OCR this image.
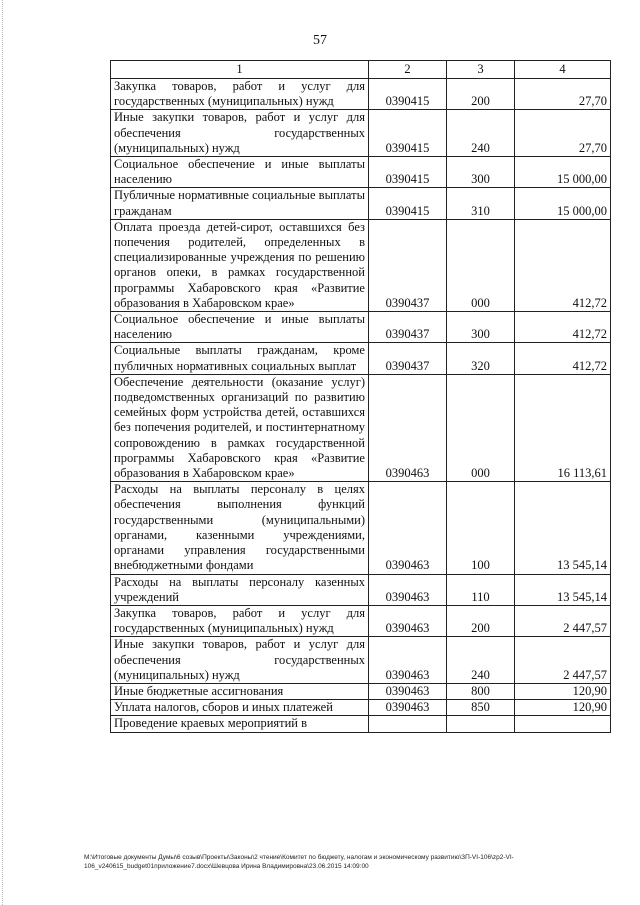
57
1	2	3	4
Закупка товаров, работ и услуг для государственных (муниципальных) нужд	0390415	200	27,70
Иные закупки товаров, работ и услуг для обеспечения государственных (муниципальных) нужд	0390415	240	27,70
Социальное обеспечение и иные выплаты населению	0390415	300	15 000,00
Публичные нормативные социальные выплаты гражданам	0390415	310	15 000,00
Оплата проезда детей-сирот, оставшихся без попечения родителей, определенных в специализированные учреждения по решению органов опеки, в рамках государственной программы Хабаровского края «Развитие образования в Хабаровском крае»	0390437	000	412,72
Социальное обеспечение и иные выплаты населению	0390437	300	412,72
Социальные выплаты гражданам, кроме публичных нормативных социальных выплат	0390437	320	412,72
Обеспечение деятельности (оказание услуг) подведомственных организаций по развитию семейных форм устройства детей, оставшихся без попечения родителей, и постинтернатному сопровождению в рамках государственной программы Хабаровского края «Развитие образования в Хабаровском крае»	0390463	000	16 113,61
Расходы на выплаты персоналу в целях обеспечения выполнения функций государственными (муниципальными) органами, казенными учреждениями, органами управления государственными внебюджетными фондами	0390463	100	13 545,14
Расходы на выплаты персоналу казенных учреждений	0390463	110	13 545,14
Закупка товаров, работ и услуг для государственных (муниципальных) нужд	0390463	200	2 447,57
Иные закупки товаров, работ и услуг для обеспечения государственных (муниципальных) нужд	0390463	240	2 447,57
Иные бюджетные ассигнования	0390463	800	120,90
Уплата налогов, сборов и иных платежей	0390463	850	120,90
Проведение краевых мероприятий в			
M:\Итоговые документы Думы\6 созыв\Проекты\Законы\2 чтение\Комитет по бюджету, налогам и экономическому развитию\ЗП-VI-106\zp2-VI-106_v240615_budget01приложение7.docx\Шевцова Ирина Владимировна\23.06.2015 14:09:00
